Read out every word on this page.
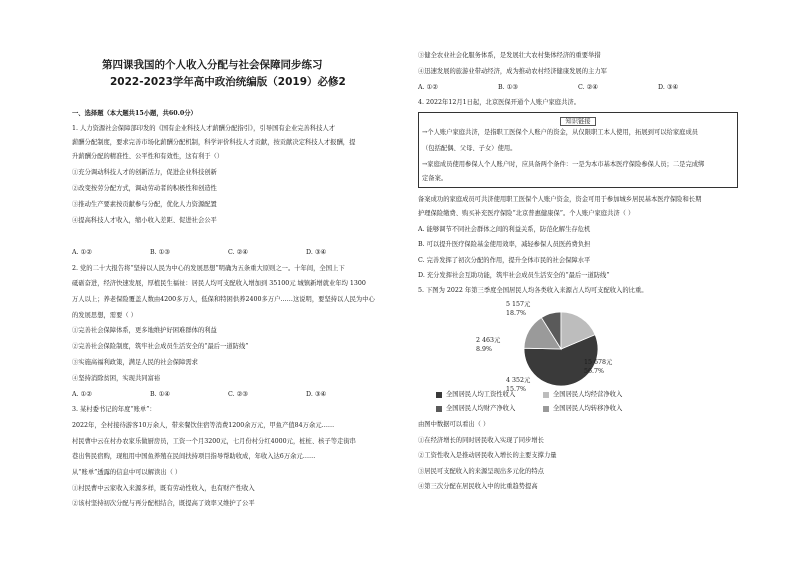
第四课我国的个人收入分配与社会保障同步练习
2022-2023学年高中政治统编版（2019）必修2
一、选择题（本大题共15小题，共60.0分）
1. 人力资源社会保障部印发的《国有企业科技人才薪酬分配指引》，引导国有企业完善科技人才
薪酬分配制度，要求完善市场化薪酬分配机制，科学评价科技人才贡献，按贡献决定科技人才报酬，提
升薪酬分配的精准性、公平性和有效性，这有利于（）
①充分调动科技人才的创新活力，促进企业科技创新
②改变按劳分配方式，调动劳动者的积极性和创造性
③推动生产要素按贡献参与分配，优化人力资源配置
④提高科技人才收入，缩小收入差距、促进社会公平
A. ①②	B. ①③	C. ②④	D. ③④
2. 党的二十大报告将“坚持以人民为中心的发展思想”明确为五条重大原则之一。十年间，全国上下
砥砺奋进，经济快速发展，厚植民生福祉：居民人均可支配收入增加到 35100元 城镇新增就业年均 1300
万人以上；养老保险覆盖人数由4200多万人，低保和特困供养2400多万户……这说明，要坚持以人民为中心
的发展思想，需要（ ）
①完善社会保障体系，更多地维护好困难群体的利益
②完善社会保险制度，筑牢社会成员生活安全的“最后一道防线”
③实施高福利政策，满足人民的社会保障需求
④坚持消除贫困，实现共同富裕
A. ①②	B. ①④	C. ②③	D. ③④
3. 某村委书记的年度“账单”：
2022年，全村接待游客10万余人，带来餐饮住宿等消费1200余万元，甲鱼产值84万余元……
村民曹中云在村办农家乐做厨房员，工资一个月3200元，七月份村分红4000元，桩桩、核子等走街串
巷出售民宿购，现租用中国鱼养殖在民间扶持项目指导帮助收成，年收入达6万余元……
从“账单”透露的信息中可以解读出（ ）
①村民曹中云家收入来源多样，既有劳动性收入，也有财产性收入
②该村坚持初次分配与再分配相结合，既提高了效率又维护了公平
③健全农业社会化服务体系，是发展壮大农村集体经济的重要举措
④迅速发展的旅游业带动经济，成为推动农村经济健康发展的主力军
A. ①②	B. ①③	C. ②④	D. ③④
4. 2022年12月1日起，北京医保开通个人账户家庭共济。
知识链接
→个人账户家庭共济，是指职工医保个人账户的资金，从仅限职工本人使用，拓展到可以给家庭成员
（包括配偶、父母、子女）使用。
→家庭成员使用参保人个人账户时，应具备两个条件：一是为本市基本医疗保险参保人员；二是完成绑
定备案。
备案成功的家庭成员可共济使用职工医保个人账户资金，资金可用于参加城乡居民基本医疗保险和长期
护理保险缴费、购买补充医疗保险“北京普惠健康保”。个人账户家庭共济（ ）
A. 能够调节不同社会群体之间的利益关系，防范化解生存危机
B. 可以提升医疗保险基金使用效率，减轻参保人员医药费负担
C. 完善发挥了初次分配的作用，提升全体市民的社会保障水平
D. 充分发挥社会互助功能，筑牢社会成员生活安全的“最后一道防线”
5. 下图为 2022 年第三季度全国居民人均各类收入来源占人均可支配收入的比重。
15 678元
56.7%
2 463元
8.9%
4 352元
15.7%
5 157元
18.7%
全国居民人均工资性收入	全国居民人均经营净收入
全国居民人均财产净收入	全国居民人均转移净收入
由图中数据可以看出（ ）
①在经济增长的同时居民收入实现了同步增长
②工资性收入是推动居民收入增长的主要支撑力量
③居民可支配收入的来源呈现出多元化的特点
④第三次分配在居民收入中的比重趋势提高
